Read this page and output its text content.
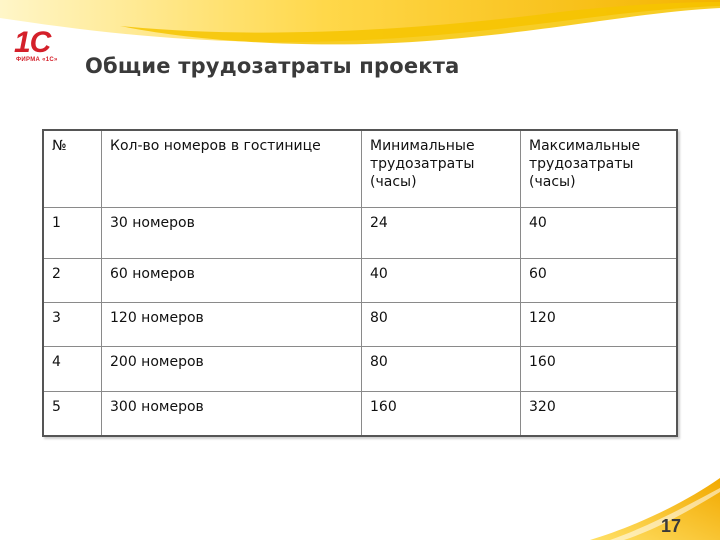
1С
ФИРМА «1С» Общие трудозатраты проекта
№	Кол-во номеров в гостинице	Минимальные трудозатраты (часы)	Максимальные трудозатраты (часы)
1	30 номеров	24	40
2	60 номеров	40	60
3	120 номеров	80	120
4	200 номеров	80	160
5	300 номеров	160	320
17
